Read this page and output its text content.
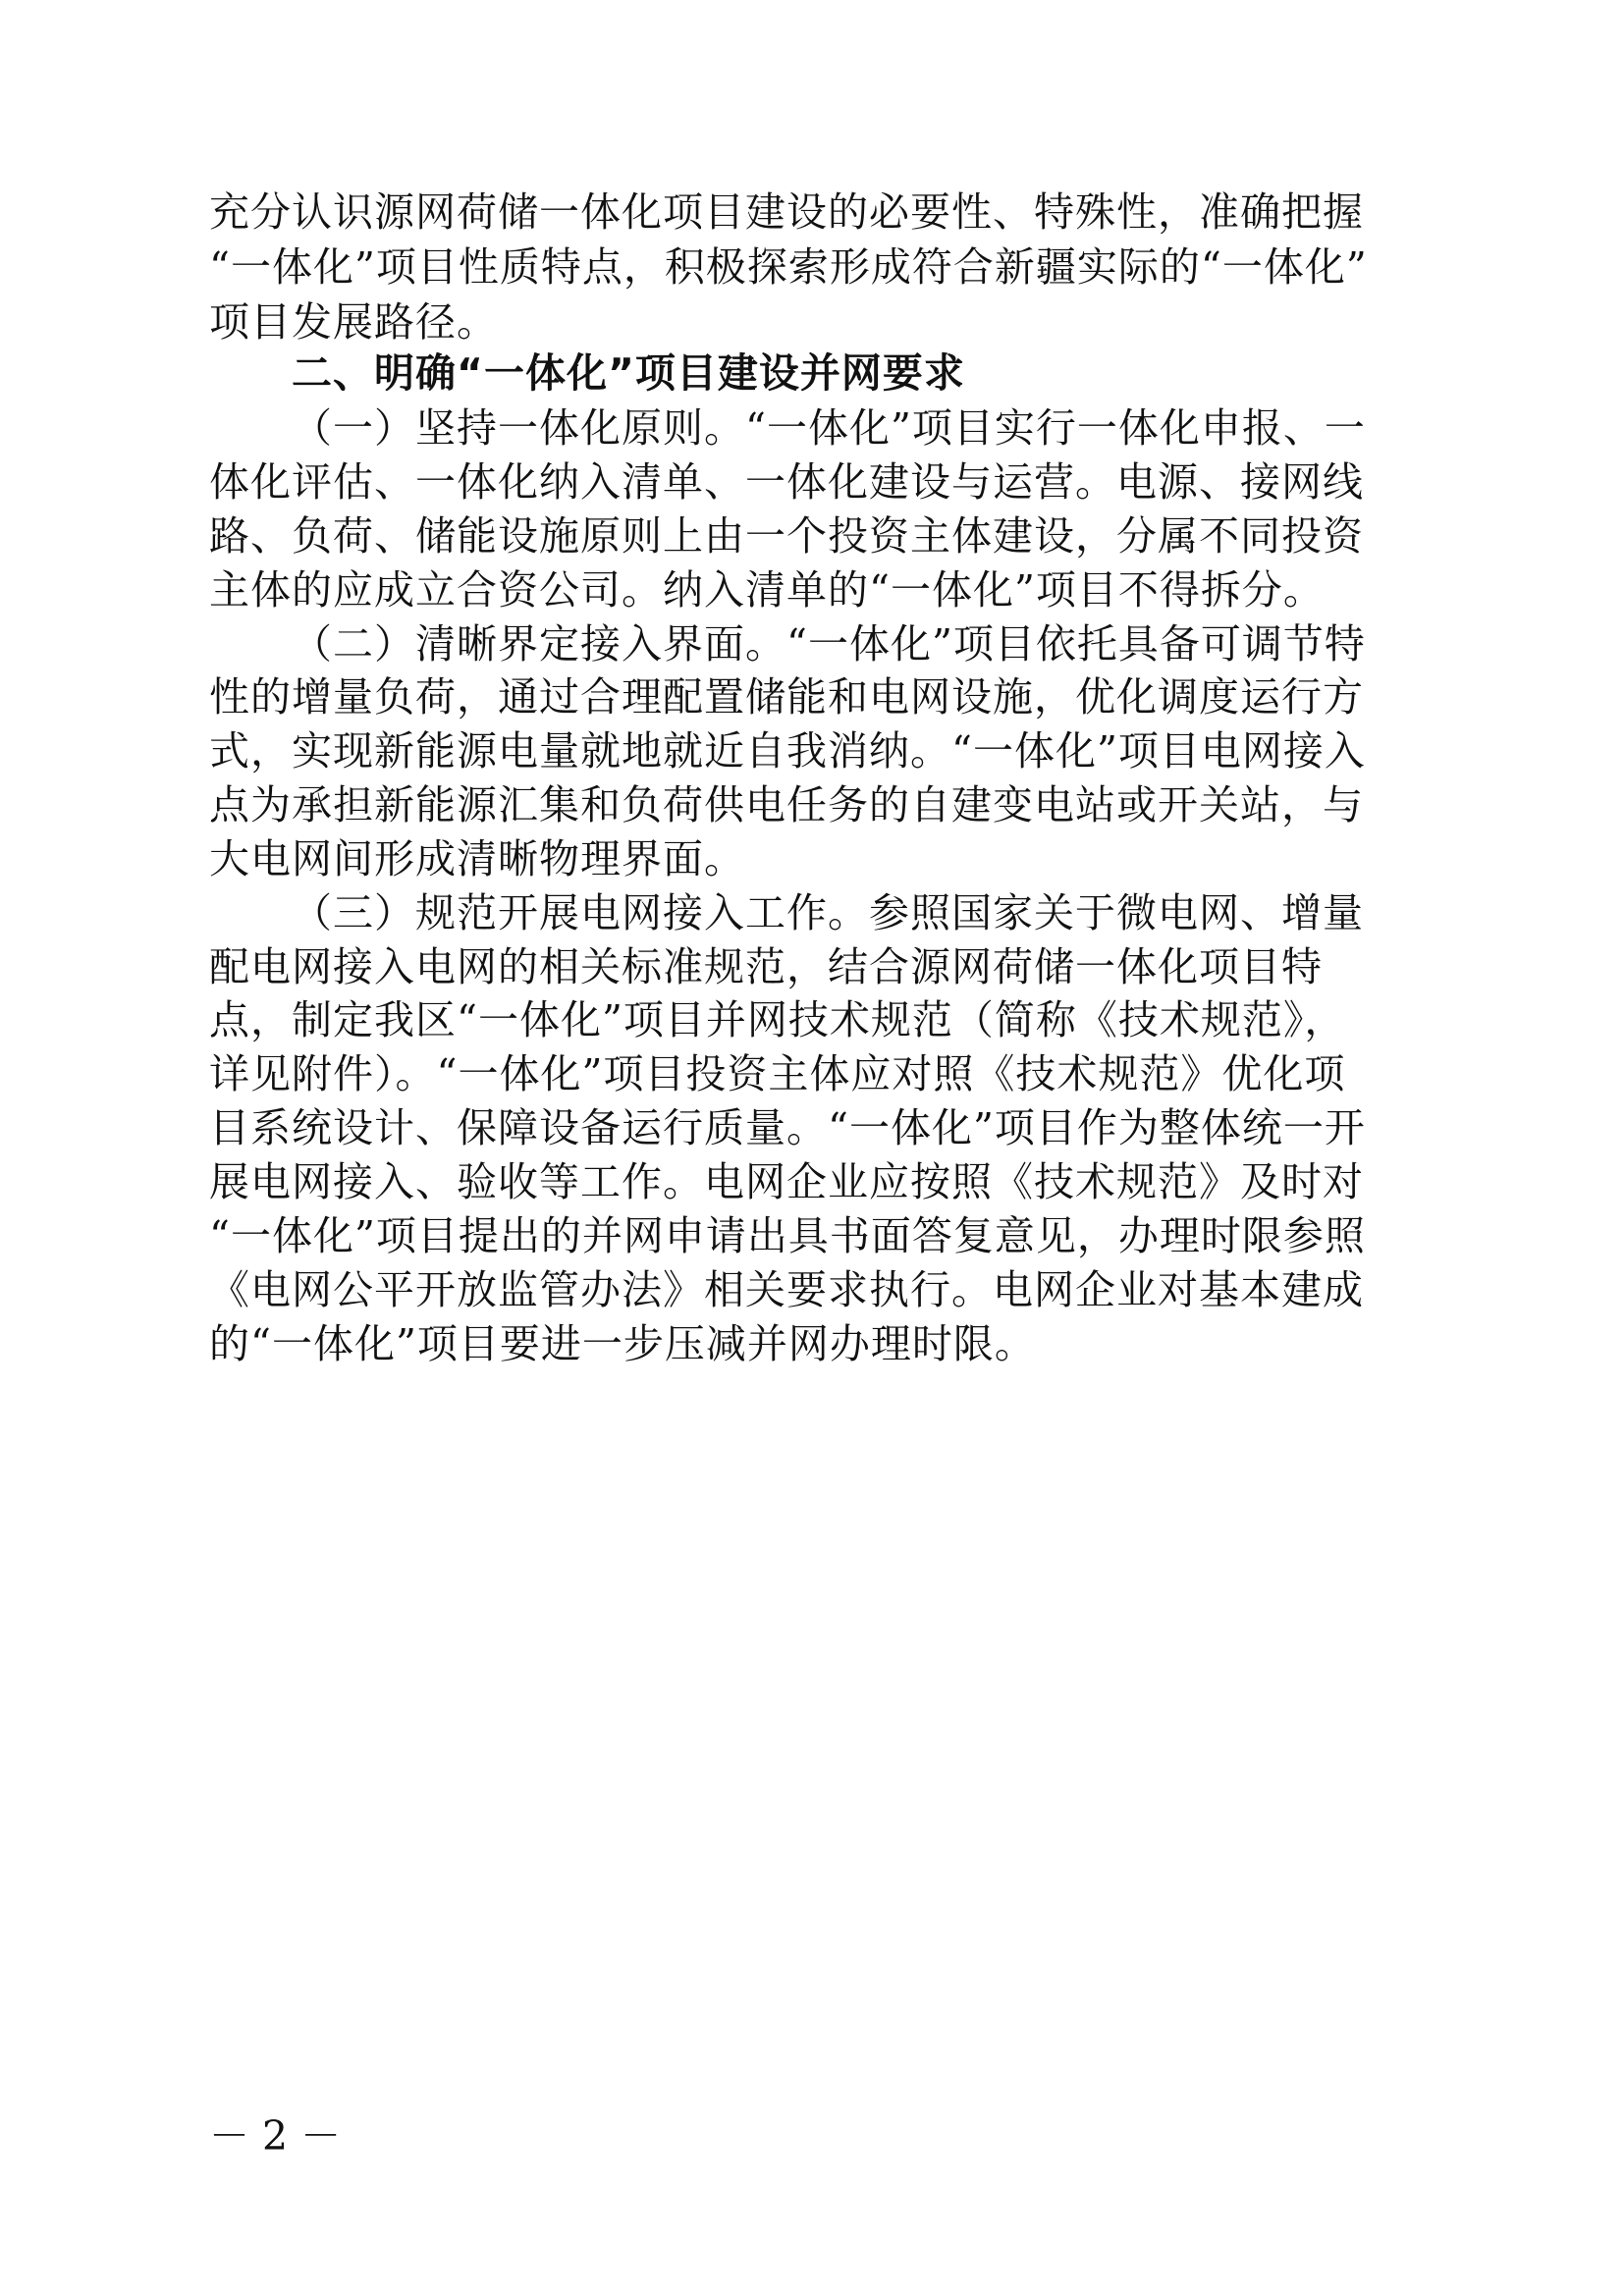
充分认识源网荷储一体化项目建设的必要性、特殊性，准确把握
“一体化”项目性质特点，积极探索形成符合新疆实际的“一体化”
项目发展路径。
二、明确“一体化”项目建设并网要求
（一）坚持一体化原则。“一体化”项目实行一体化申报、一
体化评估、一体化纳入清单、一体化建设与运营。电源、接网线
路、负荷、储能设施原则上由一个投资主体建设，分属不同投资
主体的应成立合资公司。纳入清单的“一体化”项目不得拆分。
（二）清晰界定接入界面。“一体化”项目依托具备可调节特
性的增量负荷，通过合理配置储能和电网设施，优化调度运行方
式，实现新能源电量就地就近自我消纳。“一体化”项目电网接入
点为承担新能源汇集和负荷供电任务的自建变电站或开关站，与
大电网间形成清晰物理界面。
（三）规范开展电网接入工作。参照国家关于微电网、增量
配电网接入电网的相关标准规范，结合源网荷储一体化项目特
点，制定我区“一体化”项目并网技术规范（简称《技术规范》，
详见附件）。“一体化”项目投资主体应对照《技术规范》优化项
目系统设计、保障设备运行质量。“一体化”项目作为整体统一开
展电网接入、验收等工作。电网企业应按照《技术规范》及时对
“一体化”项目提出的并网申请出具书面答复意见，办理时限参照
《电网公平开放监管办法》相关要求执行。电网企业对基本建成
的“一体化”项目要进一步压减并网办理时限。
－ 2 －
